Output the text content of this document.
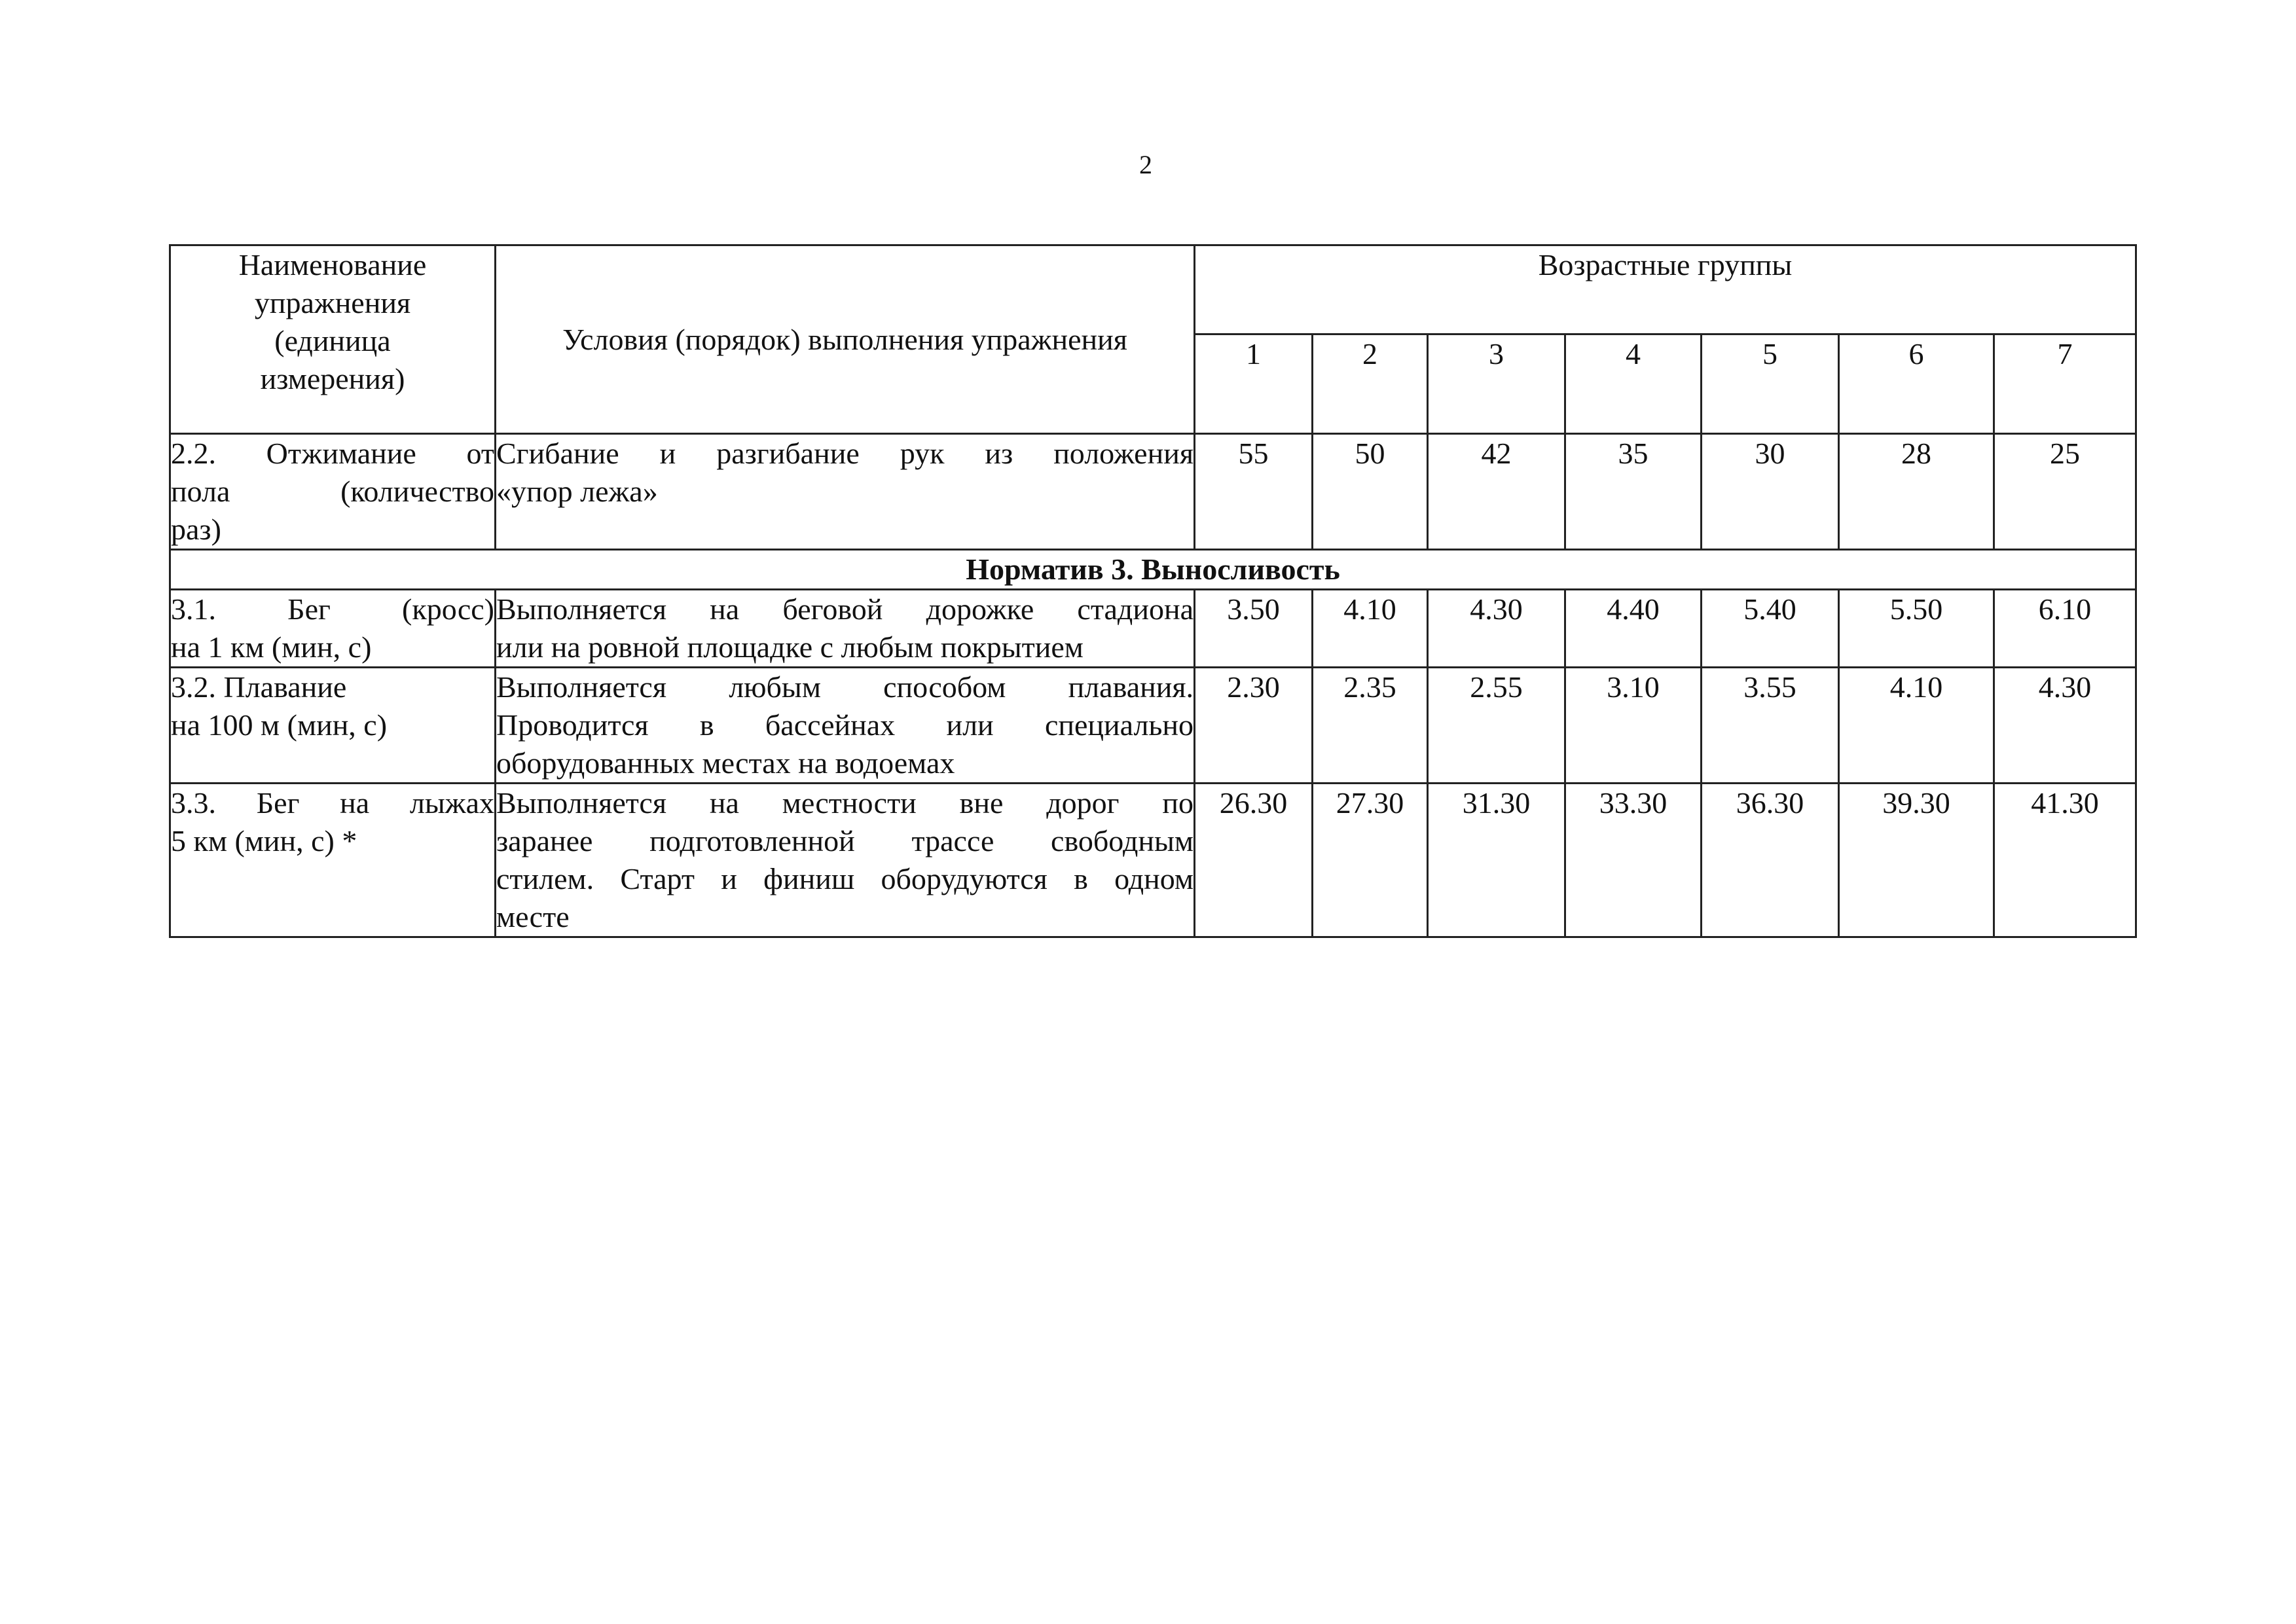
2
Наименование
упражнения
(единица
измерения)	Условия (порядок) выполнения упражнения	Возрастные группы						
		1	2	3	4	5	6	7

2.2. Отжимание от
пола (количество
раз)	Сгибание и разгибание рук из положения
«упор лежа»	55	50	42	35	30	28	25
Норматив 3. Выносливость								

3.1. Бег (кросс)
на 1 км (мин, с)	Выполняется на беговой дорожке стадиона
или на ровной площадке с любым покрытием	3.50	4.10	4.30	4.40	5.40	5.50	6.10

3.2. Плавание
на 100 м (мин, с)	Выполняется любым способом плавания.
Проводится в бассейнах или специально
оборудованных местах на водоемах	2.30	2.35	2.55	3.10	3.55	4.10	4.30

3.3. Бег на лыжах
5 км (мин, с) *	Выполняется на местности вне дорог по
заранее подготовленной трассе свободным
стилем. Старт и финиш оборудуются в одном
месте	26.30	27.30	31.30	33.30	36.30	39.30	41.30
